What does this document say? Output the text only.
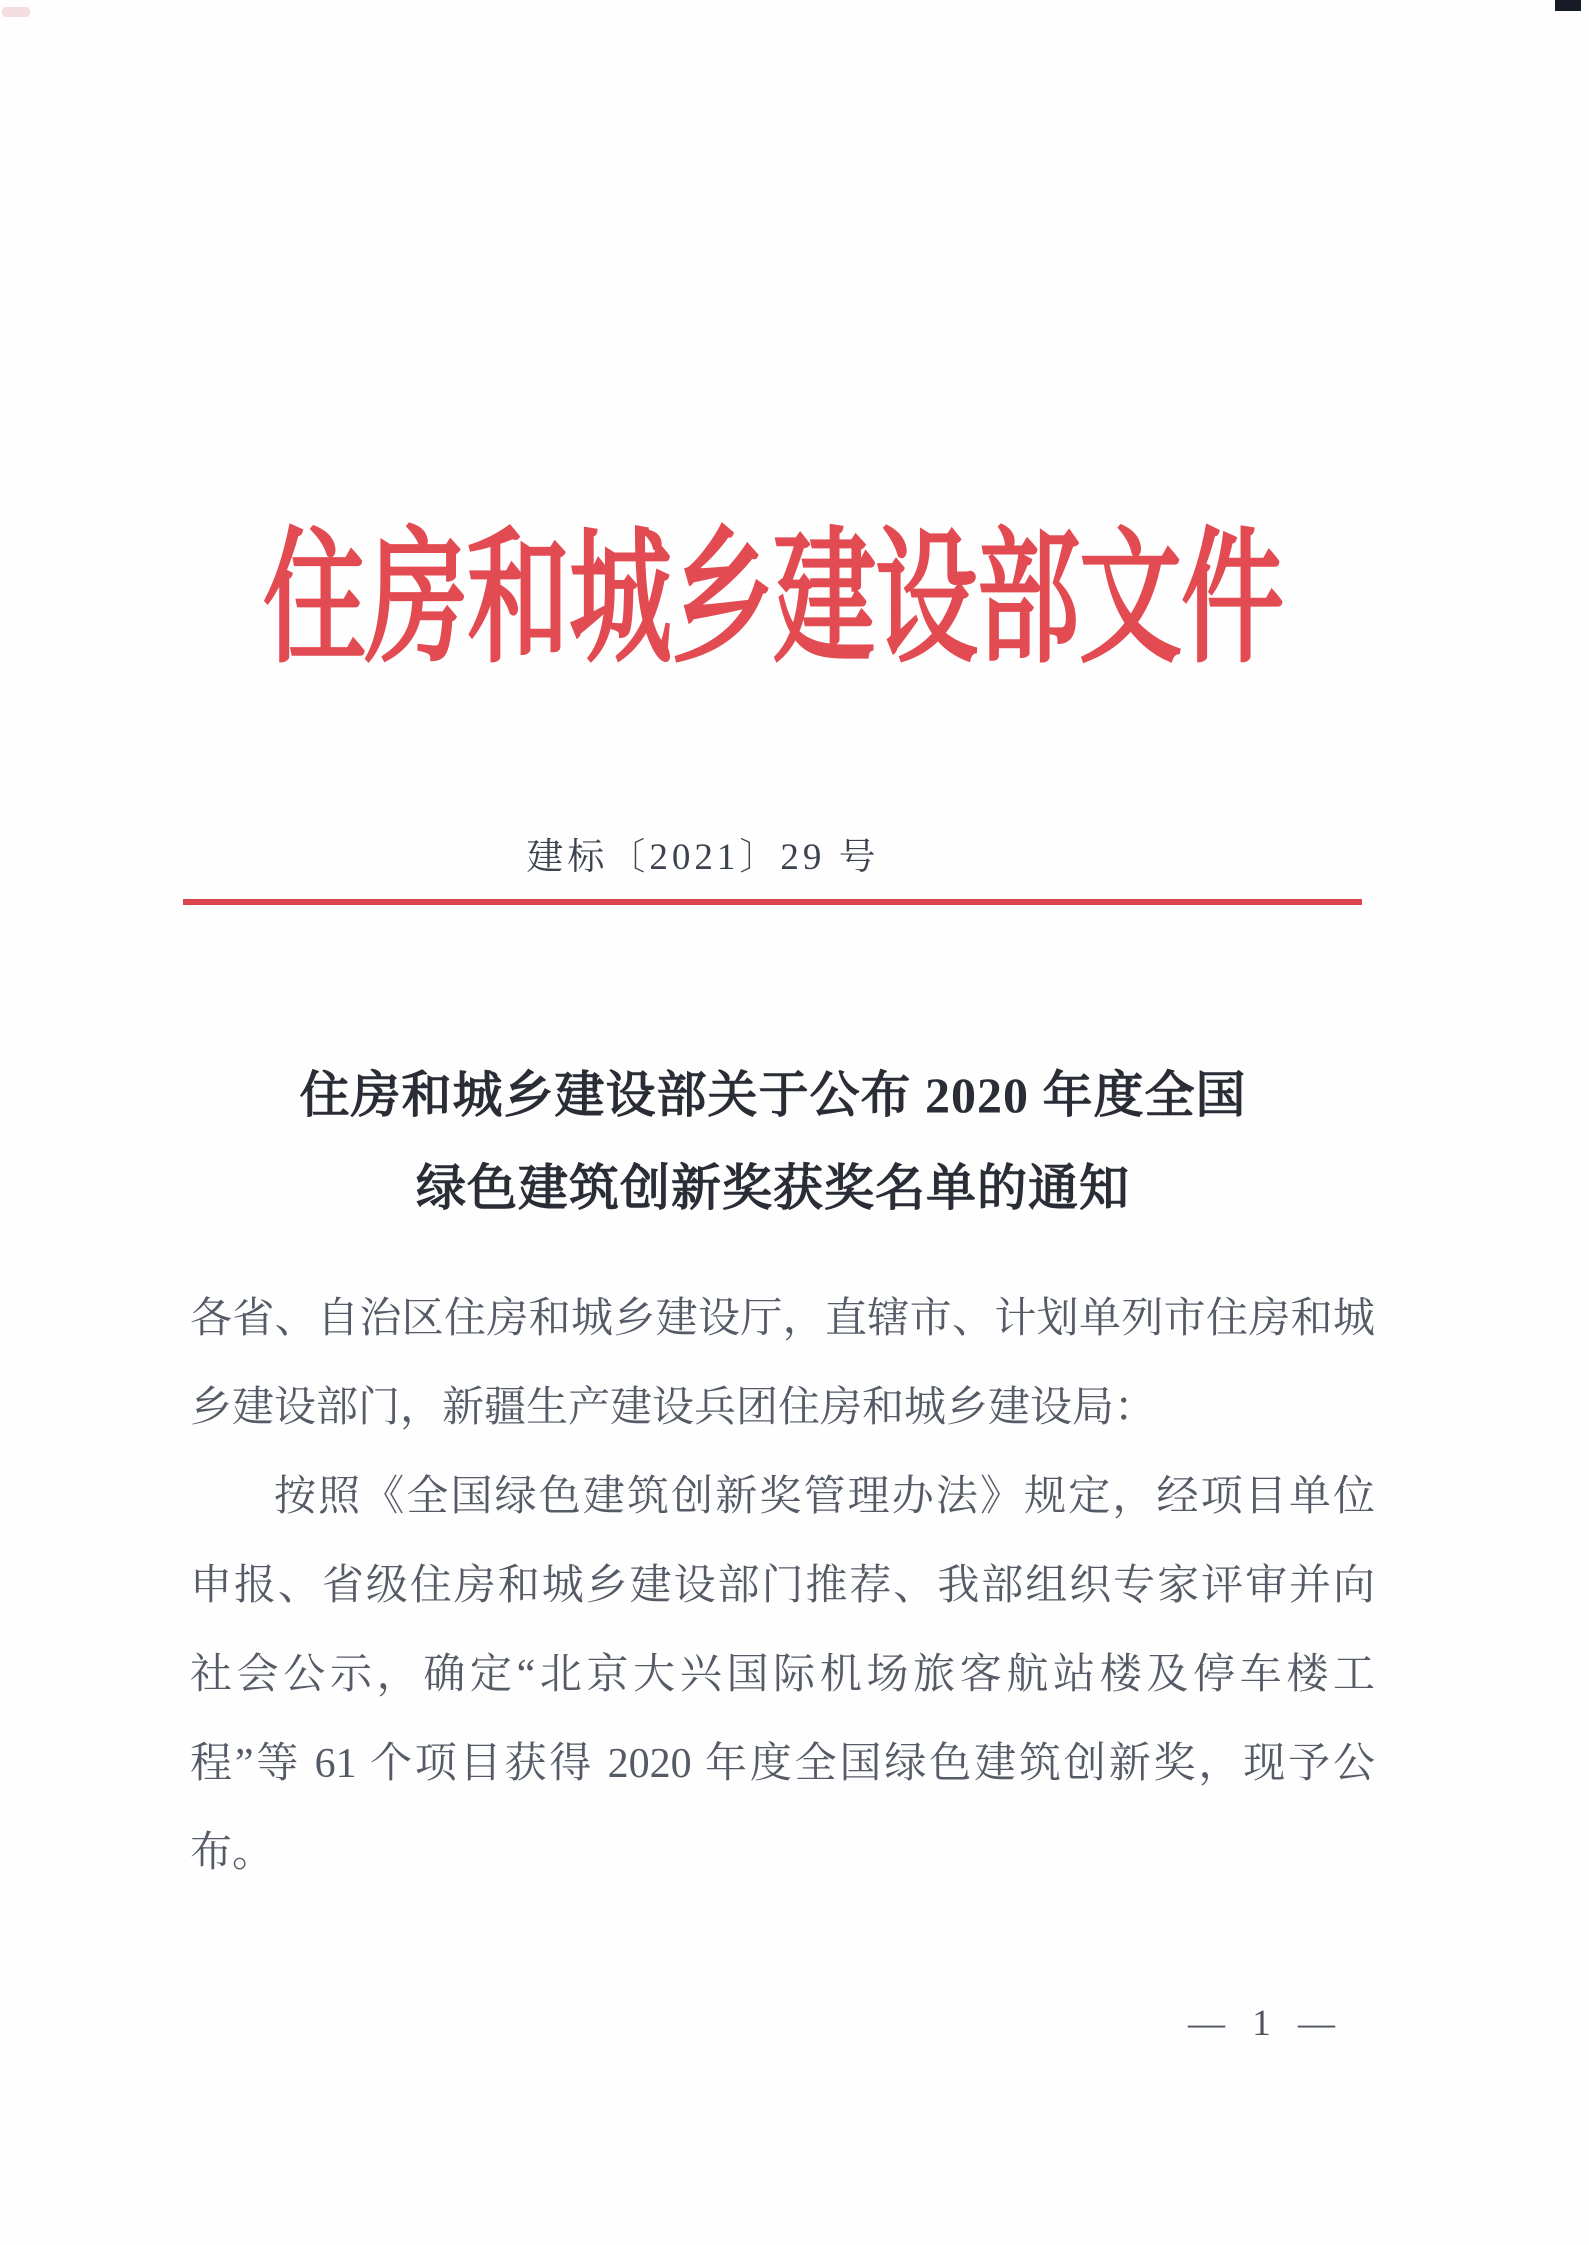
住房和城乡建设部文件
建标〔2021〕29 号
住房和城乡建设部关于公布 2020 年度全国
绿色建筑创新奖获奖名单的通知
各省、自治区住房和城乡建设厅，直辖市、计划单列市住房和城
乡建设部门，新疆生产建设兵团住房和城乡建设局：
按照《全国绿色建筑创新奖管理办法》规定，经项目单位
申报、省级住房和城乡建设部门推荐、我部组织专家评审并向
社会公示，确定“北京大兴国际机场旅客航站楼及停车楼工
程”等 61 个项目获得 2020 年度全国绿色建筑创新奖，现予公
布。
— 1 —
